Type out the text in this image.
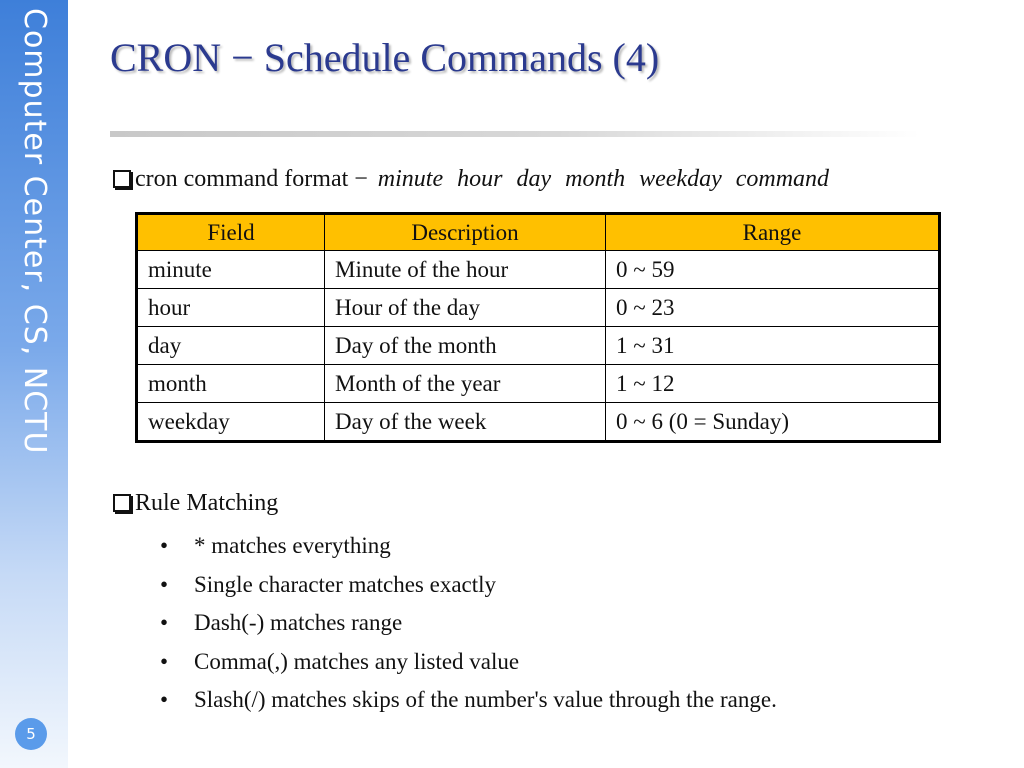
Computer Center, CS, NCTU
5
CRON − Schedule Commands (4)
cron command format − minute hour day month weekday command
Field	Description	Range
minute	Minute of the hour	0 ~ 59
hour	Hour of the day	0 ~ 23
day	Day of the month	1 ~ 31
month	Month of the year	1 ~ 12
weekday	Day of the week	0 ~ 6 (0 = Sunday)
Rule Matching
•	* matches everything
•	Single character matches exactly
•	Dash(-) matches range
•	Comma(,) matches any listed value
•	Slash(/) matches skips of the number's value through the range.
